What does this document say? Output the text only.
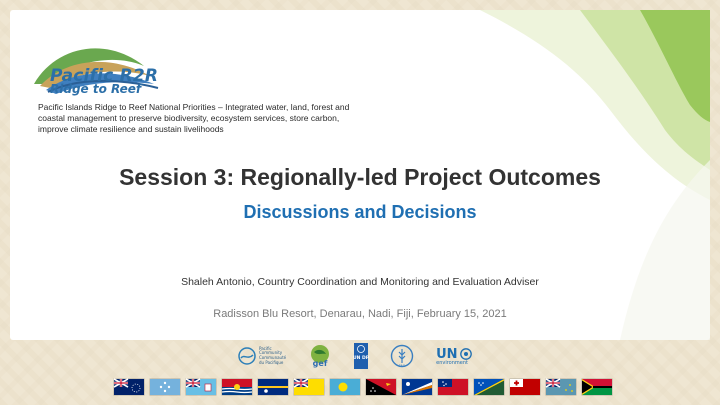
Pacific R2R
Ridge to Reef
Pacific Islands Ridge to Reef National Priorities – Integrated water, land, forest and coastal management to preserve biodiversity, ecosystem services, store carbon, improve climate resilience and sustain livelihoods
Session 3: Regionally-led Project Outcomes
Discussions and Decisions
Shaleh Antonio, Country Coordination and Monitoring and Evaluation Adviser
Radisson Blu Resort, Denarau, Nadi, Fiji, February 15, 2021
Pacific
Community
Communauté
du Pacifique	gef
UN DP
FAO
UN
environment
